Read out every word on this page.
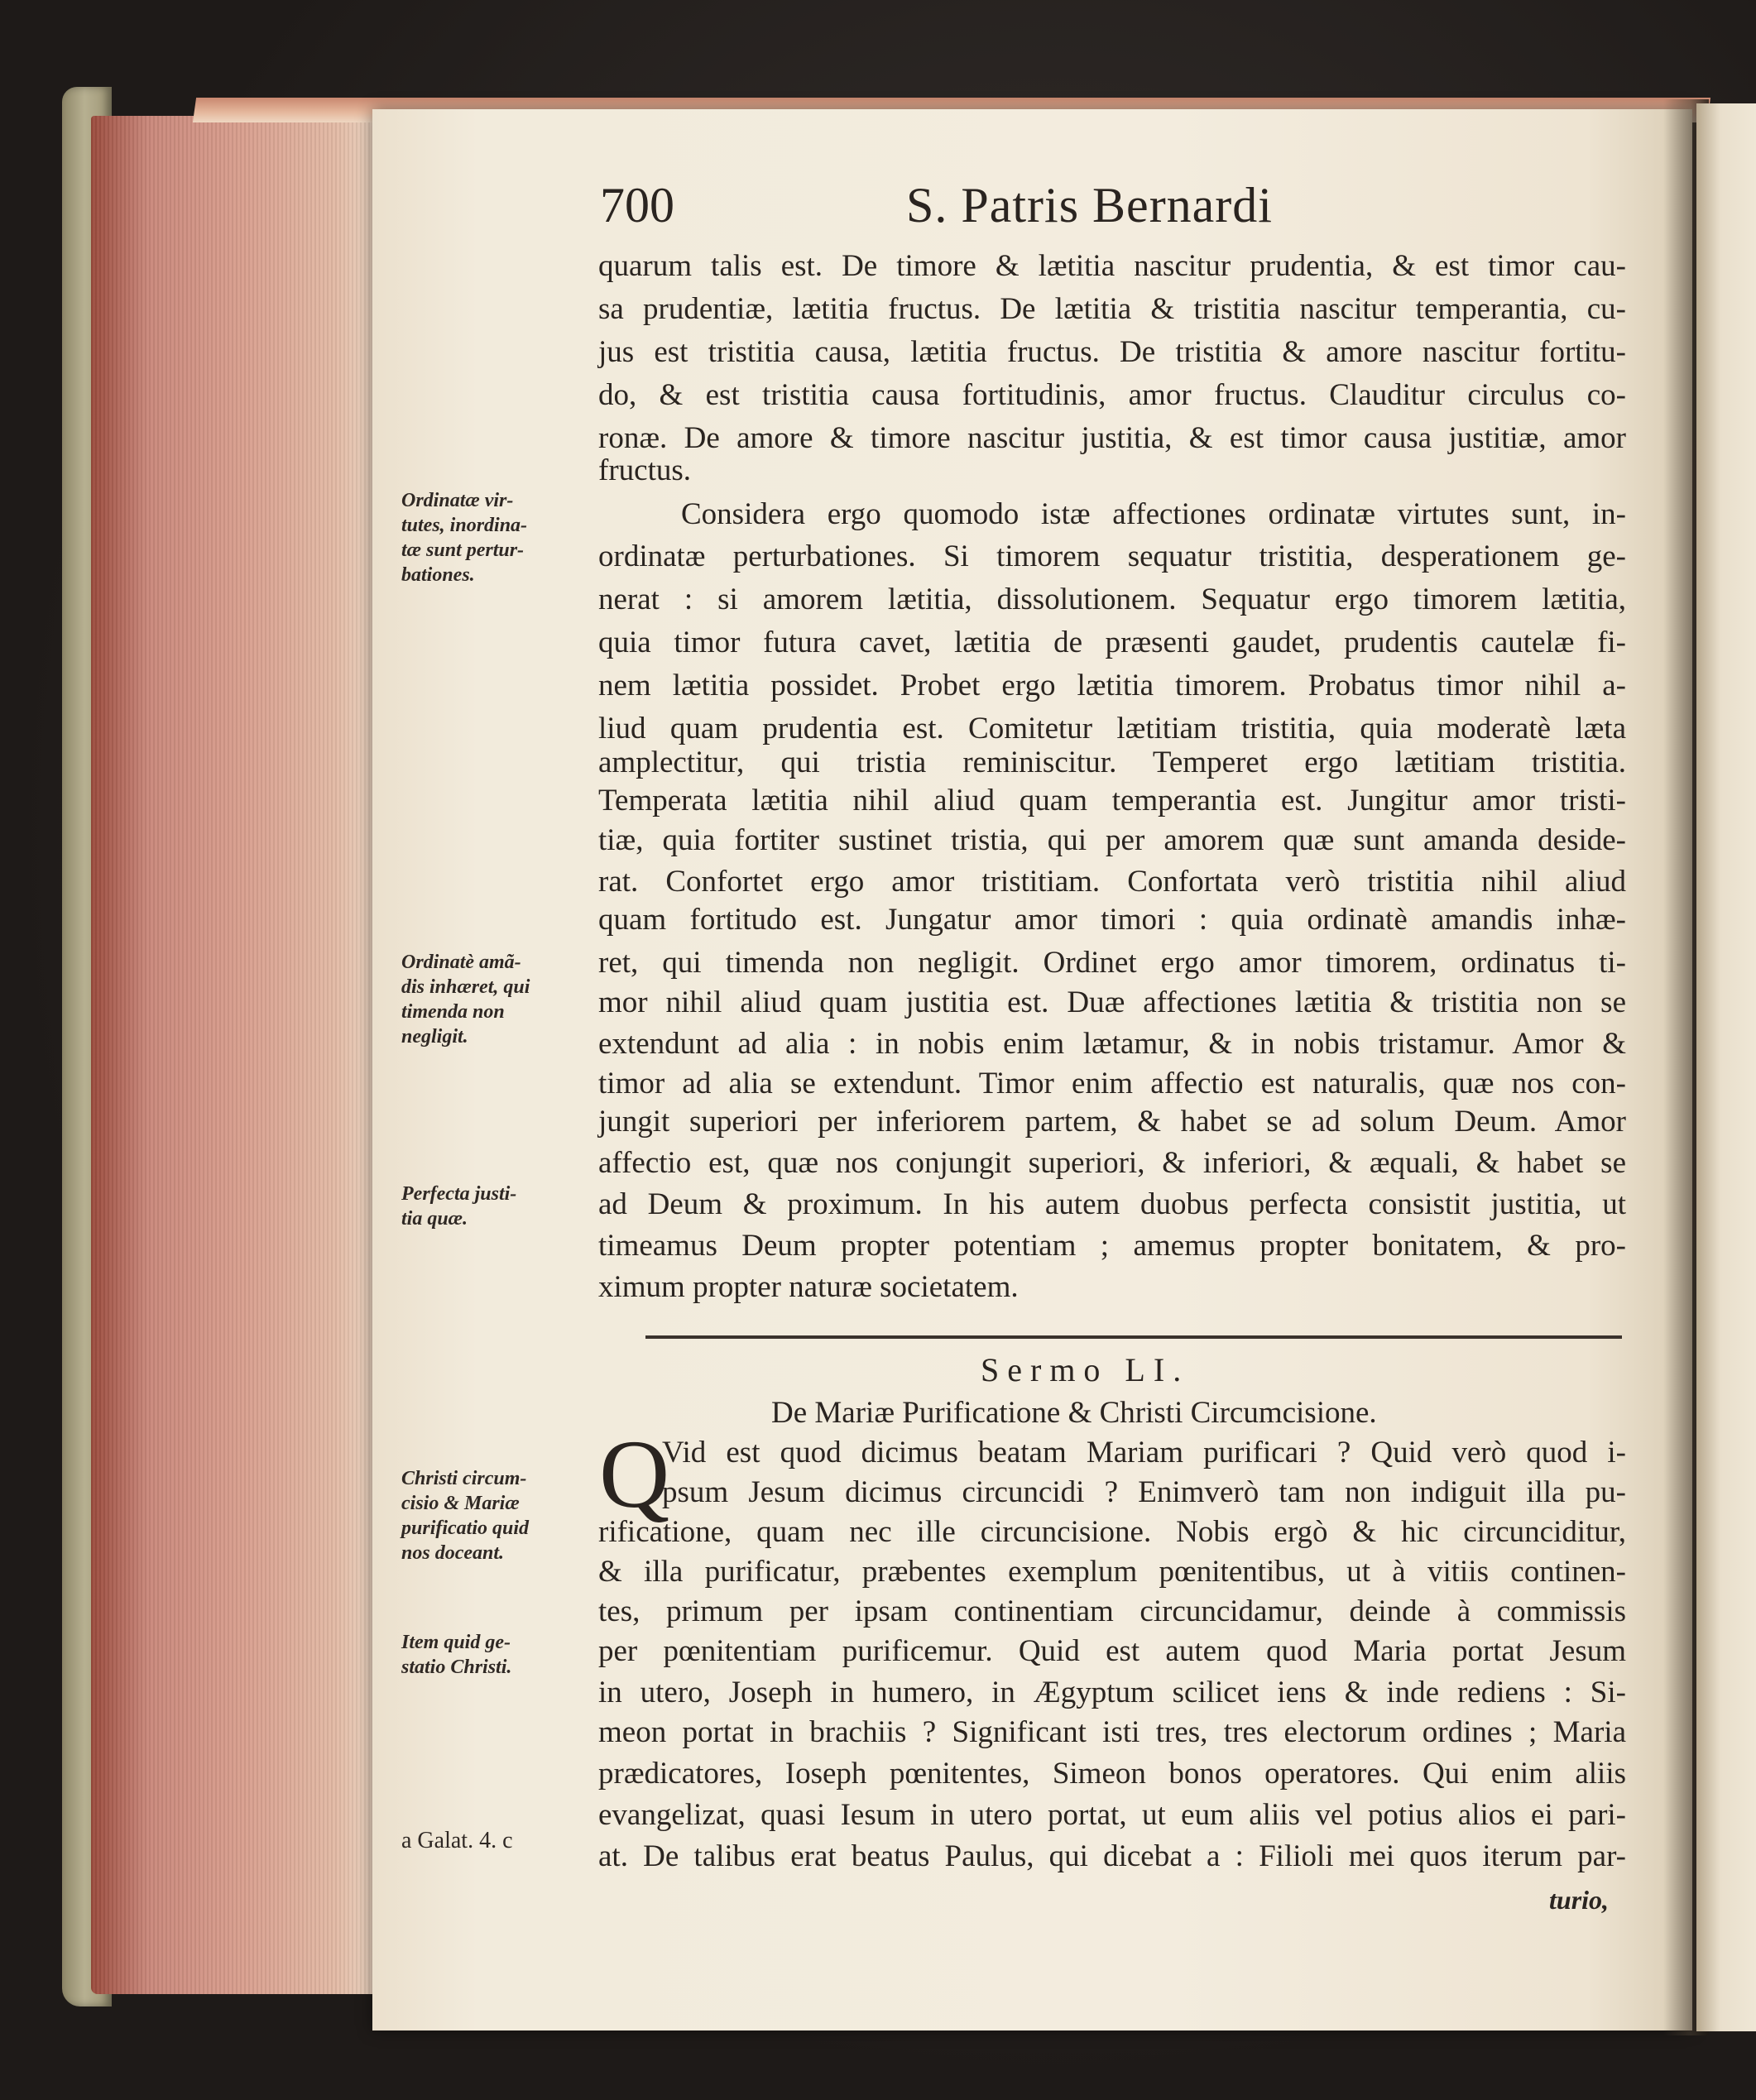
700	S. Patris Bernardi
quarum talis est. De timore & lætitia nascitur prudentia, & est timor cau-
sa prudentiæ, lætitia fructus. De lætitia & tristitia nascitur temperantia, cu-
jus est tristitia causa, lætitia fructus. De tristitia & amore nascitur fortitu-
do, & est tristitia causa fortitudinis, amor fructus. Clauditur circulus co-
ronæ. De amore & timore nascitur justitia, & est timor causa justitiæ, amor
fructus.
Considera ergo quomodo istæ affectiones ordinatæ virtutes sunt, in-
ordinatæ perturbationes. Si timorem sequatur tristitia, desperationem ge-
nerat : si amorem lætitia, dissolutionem. Sequatur ergo timorem lætitia,
quia timor futura cavet, lætitia de præsenti gaudet, prudentis cautelæ fi-
nem lætitia possidet. Probet ergo lætitia timorem. Probatus timor nihil a-
liud quam prudentia est. Comitetur lætitiam tristitia, quia moderatè læta
amplectitur, qui tristia reminiscitur. Temperet ergo lætitiam tristitia.
Temperata lætitia nihil aliud quam temperantia est. Jungitur amor tristi-
tiæ, quia fortiter sustinet tristia, qui per amorem quæ sunt amanda deside-
rat. Confortet ergo amor tristitiam. Confortata verò tristitia nihil aliud
quam fortitudo est. Jungatur amor timori : quia ordinatè amandis inhæ-
ret, qui timenda non negligit. Ordinet ergo amor timorem, ordinatus ti-
mor nihil aliud quam justitia est. Duæ affectiones lætitia & tristitia non se
extendunt ad alia : in nobis enim lætamur, & in nobis tristamur. Amor &
timor ad alia se extendunt. Timor enim affectio est naturalis, quæ nos con-
jungit superiori per inferiorem partem, & habet se ad solum Deum. Amor
affectio est, quæ nos conjungit superiori, & inferiori, & æquali, & habet se
ad Deum & proximum. In his autem duobus perfecta consistit justitia, ut
timeamus Deum propter potentiam ; amemus propter bonitatem, & pro-
ximum propter naturæ societatem.
Ordinatæ vir-
tutes, inordina-
tæ sunt pertur-
bationes.
Ordinatè amã-
dis inhæret, qui
timenda non
negligit.
Perfecta justi-
tia quæ.
Christi circum-
cisio & Mariæ
purificatio quid
nos doceant.
Item quid ge-
statio Christi.
a Galat. 4. c
Sermo LI.
De Mariæ Purificatione & Christi Circumcisione.
Q
Vid est quod dicimus beatam Mariam purificari ? Quid verò quod i-
psum Jesum dicimus circuncidi ? Enimverò tam non indiguit illa pu-
rificatione, quam nec ille circuncisione. Nobis ergò & hic circunciditur,
& illa purificatur, præbentes exemplum pœnitentibus, ut à vitiis continen-
tes, primum per ipsam continentiam circuncidamur, deinde à commissis
per pœnitentiam purificemur. Quid est autem quod Maria portat Jesum
in utero, Joseph in humero, in Ægyptum scilicet iens & inde rediens : Si-
meon portat in brachiis ? Significant isti tres, tres electorum ordines ; Maria
prædicatores, Ioseph pœnitentes, Simeon bonos operatores. Qui enim aliis
evangelizat, quasi Iesum in utero portat, ut eum aliis vel potius alios ei pari-
at. De talibus erat beatus Paulus, qui dicebat a : Filioli mei quos iterum par-
turio,
